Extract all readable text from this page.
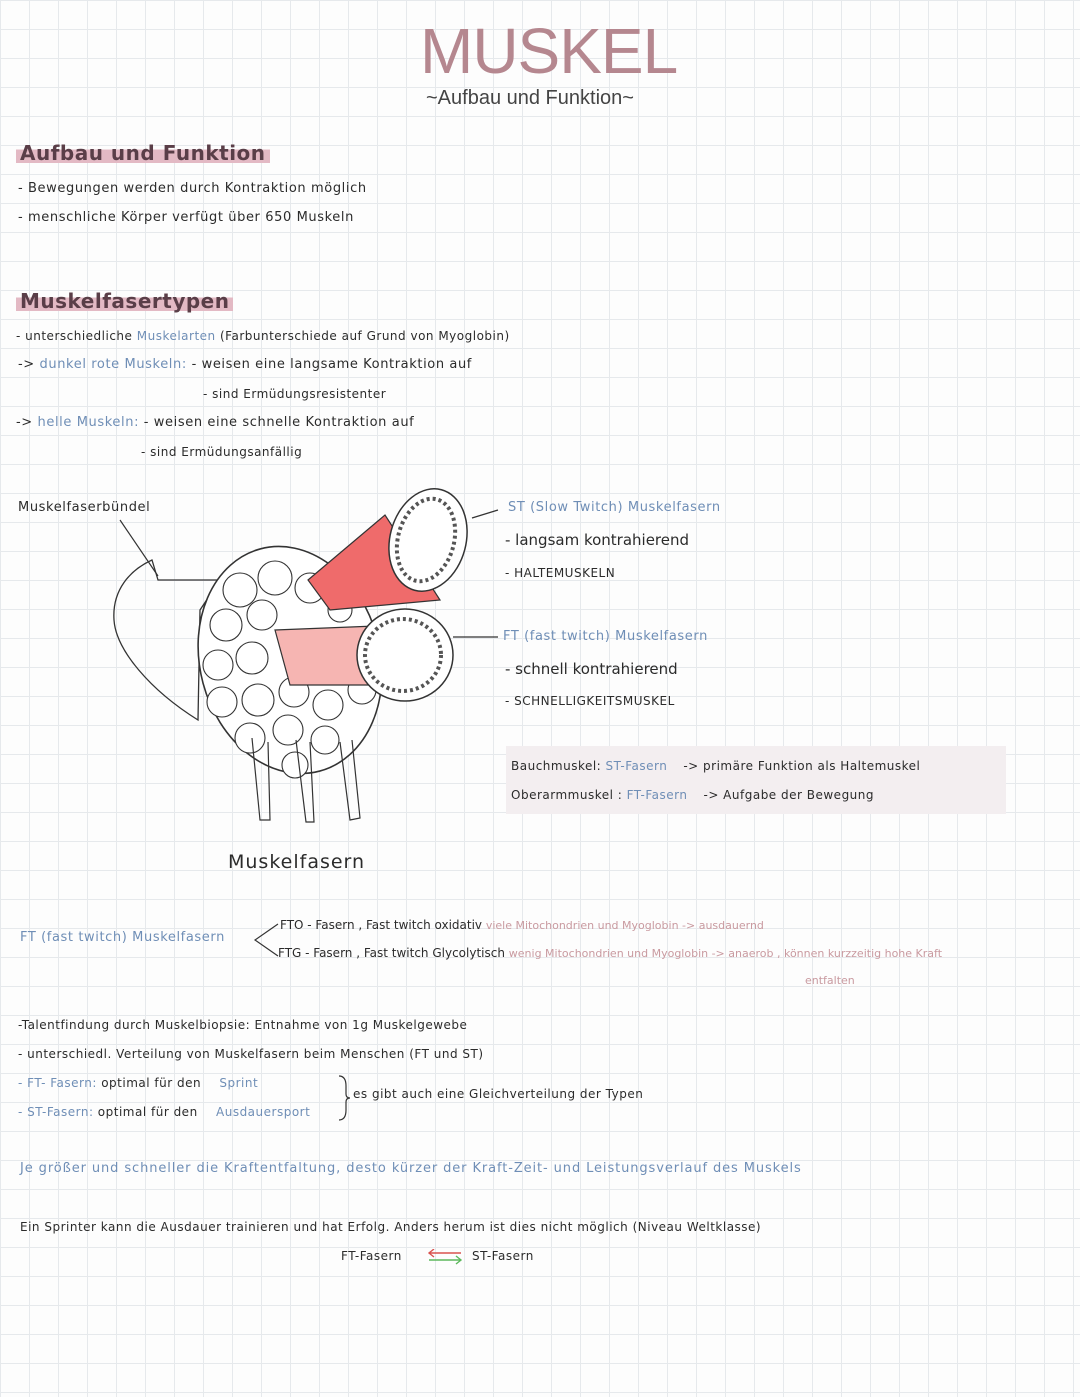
MUSKEL
~Aufbau und Funktion~
Aufbau und Funktion
- Bewegungen werden durch Kontraktion möglich
- menschliche Körper verfügt über 650 Muskeln
Muskelfasertypen
- unterschiedliche Muskelarten (Farbunterschiede auf Grund von Myoglobin)
-> dunkel rote Muskeln: - weisen eine langsame Kontraktion auf
- sind Ermüdungsresistenter
-> helle Muskeln: - weisen eine schnelle Kontraktion auf
- sind Ermüdungsanfällig
Muskelfaserbündel
Muskelfasern
ST (Slow Twitch) Muskelfasern
- langsam kontrahierend
- HALTEMUSKELN
FT (fast twitch) Muskelfasern
- schnell kontrahierend
- SCHNELLIGKEITSMUSKEL
Bauchmuskel: ST-Fasern -> primäre Funktion als Haltemuskel
Oberarmmuskel : FT-Fasern -> Aufgabe der Bewegung
FT (fast twitch) Muskelfasern
FTO - Fasern , Fast twitch oxidativ viele Mitochondrien und Myoglobin -> ausdauernd
FTG - Fasern , Fast twitch Glycolytisch wenig Mitochondrien und Myoglobin -> anaerob , können kurzzeitig hohe Kraft
entfalten
-Talentfindung durch Muskelbiopsie: Entnahme von 1g Muskelgewebe
- unterschiedl. Verteilung von Muskelfasern beim Menschen (FT und ST)
- FT- Fasern: optimal für den Sprint
- ST-Fasern: optimal für den Ausdauersport
es gibt auch eine Gleichverteilung der Typen
Je größer und schneller die Kraftentfaltung, desto kürzer der Kraft-Zeit- und Leistungsverlauf des Muskels
Ein Sprinter kann die Ausdauer trainieren und hat Erfolg. Anders herum ist dies nicht möglich (Niveau Weltklasse)
FT-Fasern	ST-Fasern
